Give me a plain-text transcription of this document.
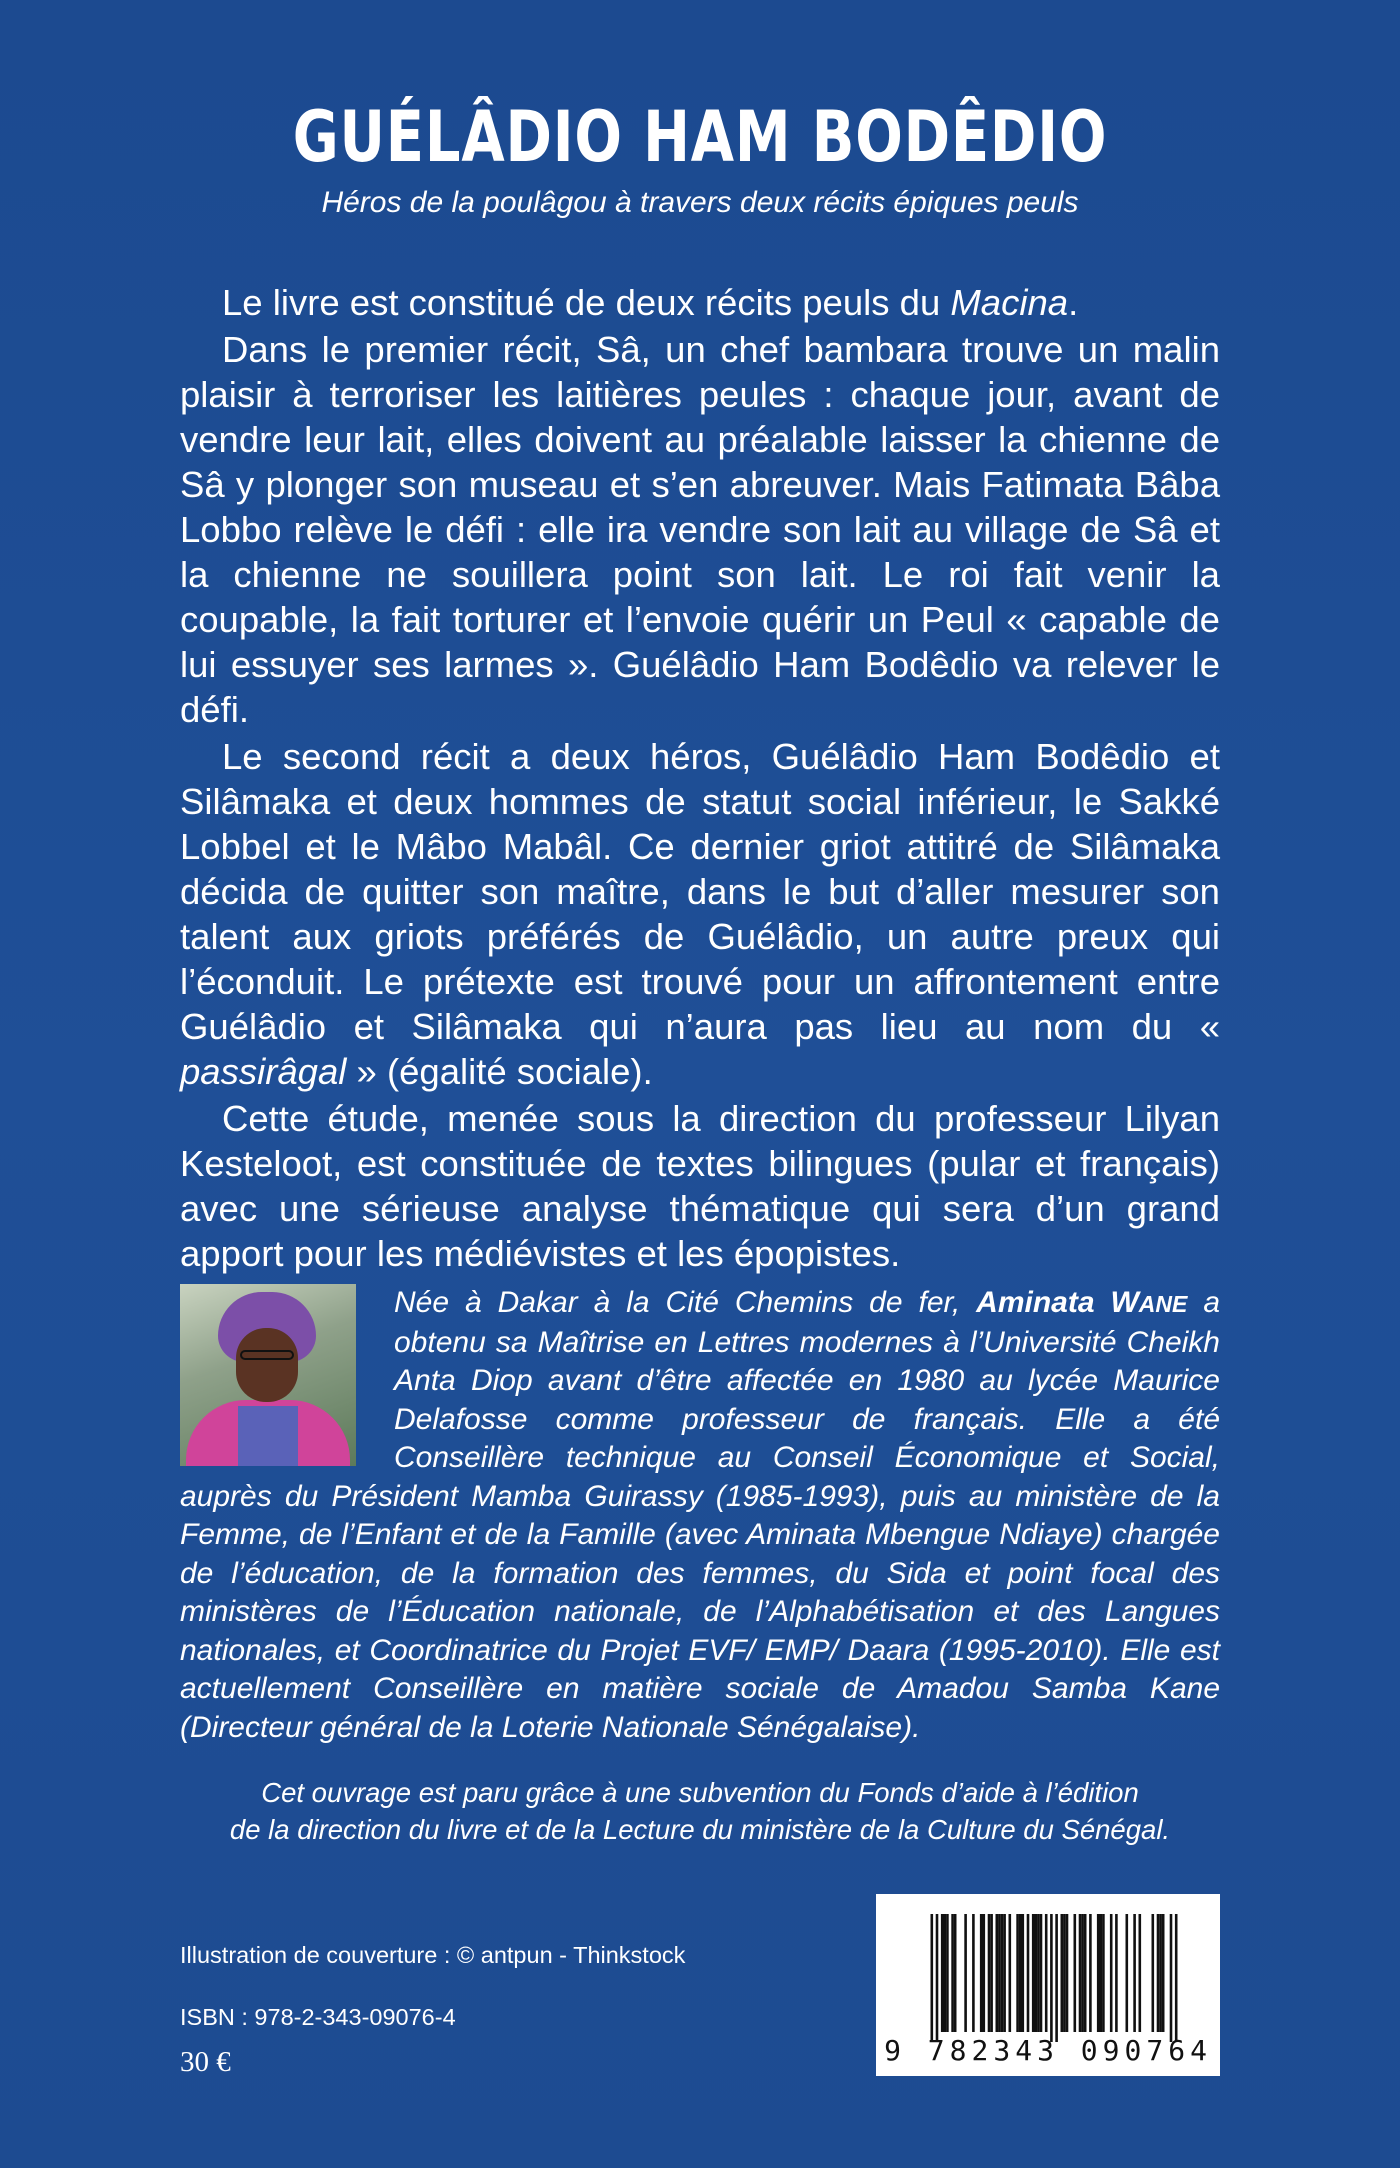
GUÉLÂDIO HAM BODÊDIO

Héros de la poulâgou à travers deux récits épiques peuls

Le livre est constitué de deux récits peuls du Macina.

Dans le premier récit, Sâ, un chef bambara trouve un malin plaisir à terroriser les laitières peules : chaque jour, avant de vendre leur lait, elles doivent au préalable laisser la chienne de Sâ y plonger son museau et s’en abreuver. Mais Fatimata Bâba Lobbo relève le défi : elle ira vendre son lait au village de Sâ et la chienne ne souillera point son lait. Le roi fait venir la coupable, la fait torturer et l’envoie quérir un Peul « capable de lui essuyer ses larmes ». Guélâdio Ham Bodêdio va relever le défi.

Le second récit a deux héros, Guélâdio Ham Bodêdio et Silâmaka et deux hommes de statut social inférieur, le Sakké Lobbel et le Mâbo Mabâl. Ce dernier griot attitré de Silâmaka décida de quitter son maître, dans le but d’aller mesurer son talent aux griots préférés de Guélâdio, un autre preux qui l’éconduit. Le prétexte est trouvé pour un affrontement entre Guélâdio et Silâmaka qui n’aura pas lieu au nom du « passirâgal » (égalité sociale).

Cette étude, menée sous la direction du professeur Lilyan Kesteloot, est constituée de textes bilingues (pular et français) avec une sérieuse analyse thématique qui sera d’un grand apport pour les médiévistes et les épopistes.

Née à Dakar à la Cité Chemins de fer, Aminata WANE a obtenu sa Maîtrise en Lettres modernes à l’Université Cheikh Anta Diop avant d’être affectée en 1980 au lycée Maurice Delafosse comme professeur de français. Elle a été Conseillère technique au Conseil Économique et Social, auprès du Président Mamba Guirassy (1985-1993), puis au ministère de la Femme, de l’Enfant et de la Famille (avec Aminata Mbengue Ndiaye) chargée de l’éducation, de la formation des femmes, du Sida et point focal des ministères de l’Éducation nationale, de l’Alphabétisation et des Langues nationales, et Coordinatrice du Projet EVF/ EMP/ Daara (1995-2010). Elle est actuellement Conseillère en matière sociale de Amadou Samba Kane (Directeur général de la Loterie Nationale Sénégalaise).
Cet ouvrage est paru grâce à une subvention du Fonds d’aide à l’édition
de la direction du livre et de la Lecture du ministère de la Culture du Sénégal.
Illustration de couverture : © antpun - Thinkstock
ISBN : 978-2-343-09076-4
30 €	9 782343 090764
